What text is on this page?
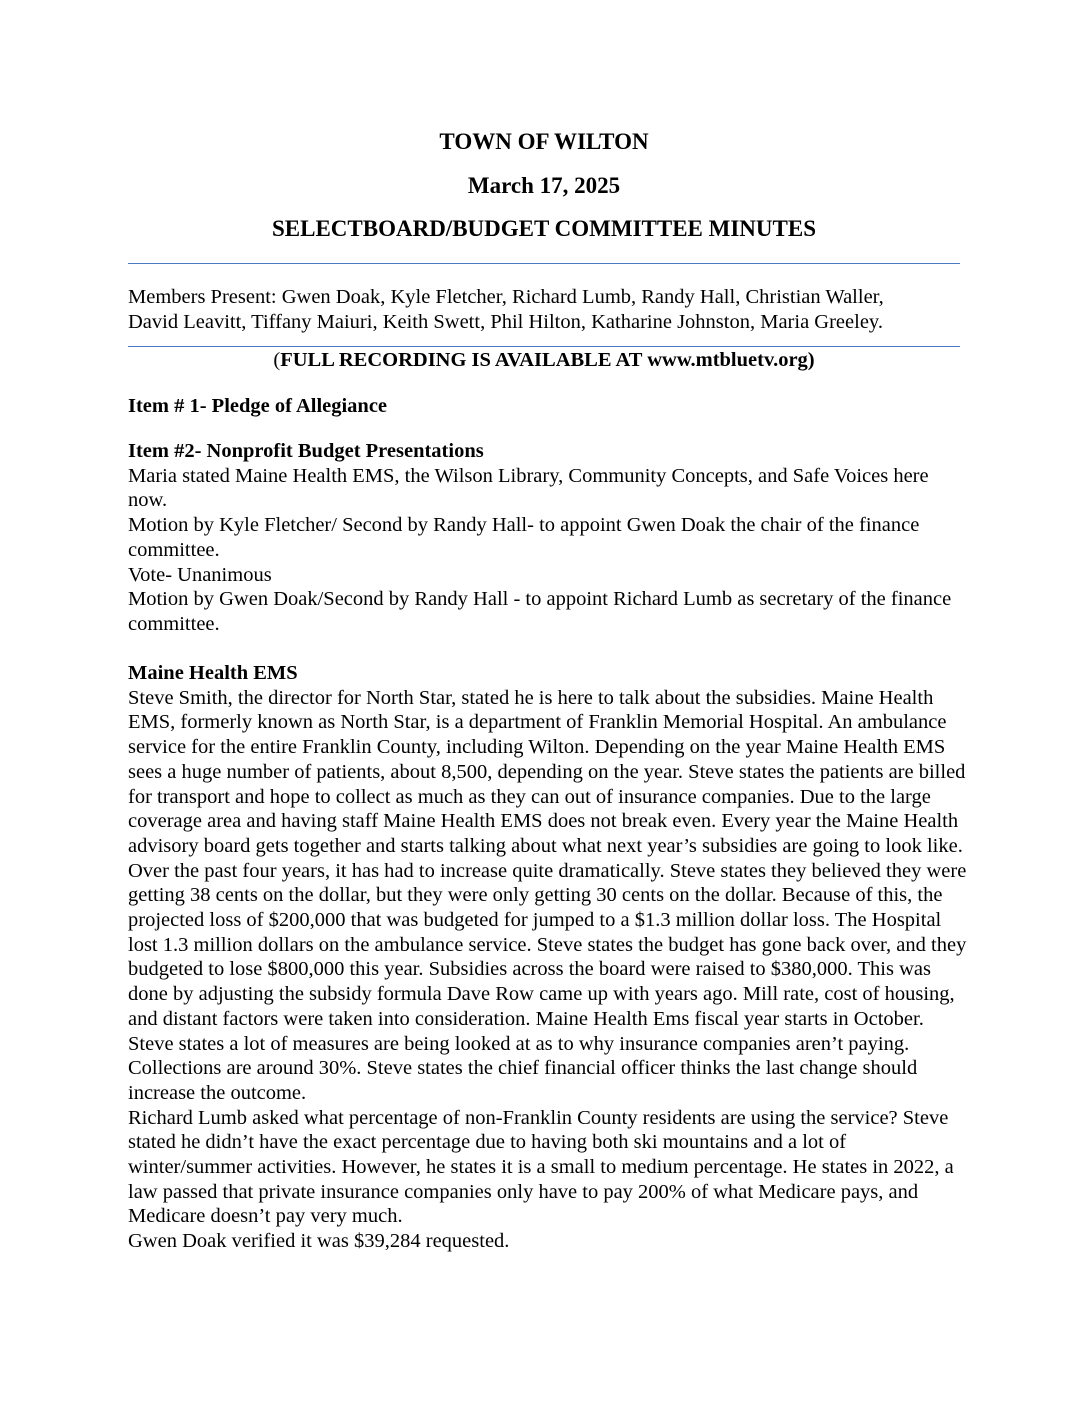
TOWN OF WILTON
March 17, 2025
SELECTBOARD/BUDGET COMMITTEE MINUTES

Members Present: Gwen Doak, Kyle Fletcher, Richard Lumb, Randy Hall, Christian Waller,

David Leavitt, Tiffany Maiuri, Keith Swett, Phil Hilton, Katharine Johnston, Maria Greeley.

(FULL RECORDING IS AVAILABLE AT www.mtbluetv.org)
Item # 1- Pledge of Allegiance

Item #2- Nonprofit Budget Presentations

Maria stated Maine Health EMS, the Wilson Library, Community Concepts, and Safe Voices here now.

Motion by Kyle Fletcher/ Second by Randy Hall- to appoint Gwen Doak the chair of the finance committee.

Vote- Unanimous

Motion by Gwen Doak/Second by Randy Hall - to appoint Richard Lumb as secretary of the finance committee.

Maine Health EMS

Steve Smith, the director for North Star, stated he is here to talk about the subsidies. Maine Health EMS, formerly known as North Star, is a department of Franklin Memorial Hospital. An ambulance service for the entire Franklin County, including Wilton. Depending on the year Maine Health EMS sees a huge number of patients, about 8,500, depending on the year. Steve states the patients are billed for transport and hope to collect as much as they can out of insurance companies. Due to the large coverage area and having staff Maine Health EMS does not break even. Every year the Maine Health advisory board gets together and starts talking about what next year’s subsidies are going to look like. Over the past four years, it has had to increase quite dramatically. Steve states they believed they were getting 38 cents on the dollar, but they were only getting 30 cents on the dollar. Because of this, the projected loss of $200,000 that was budgeted for jumped to a $1.3 million dollar loss. The Hospital lost 1.3 million dollars on the ambulance service. Steve states the budget has gone back over, and they budgeted to lose $800,000 this year. Subsidies across the board were raised to $380,000. This was done by adjusting the subsidy formula Dave Row came up with years ago. Mill rate, cost of housing, and distant factors were taken into consideration. Maine Health Ems fiscal year starts in October. Steve states a lot of measures are being looked at as to why insurance companies aren’t paying. Collections are around 30%. Steve states the chief financial officer thinks the last change should increase the outcome.

Richard Lumb asked what percentage of non-Franklin County residents are using the service? Steve stated he didn’t have the exact percentage due to having both ski mountains and a lot of winter/summer activities. However, he states it is a small to medium percentage. He states in 2022, a law passed that private insurance companies only have to pay 200% of what Medicare pays, and Medicare doesn’t pay very much.

Gwen Doak verified it was $39,284 requested.
